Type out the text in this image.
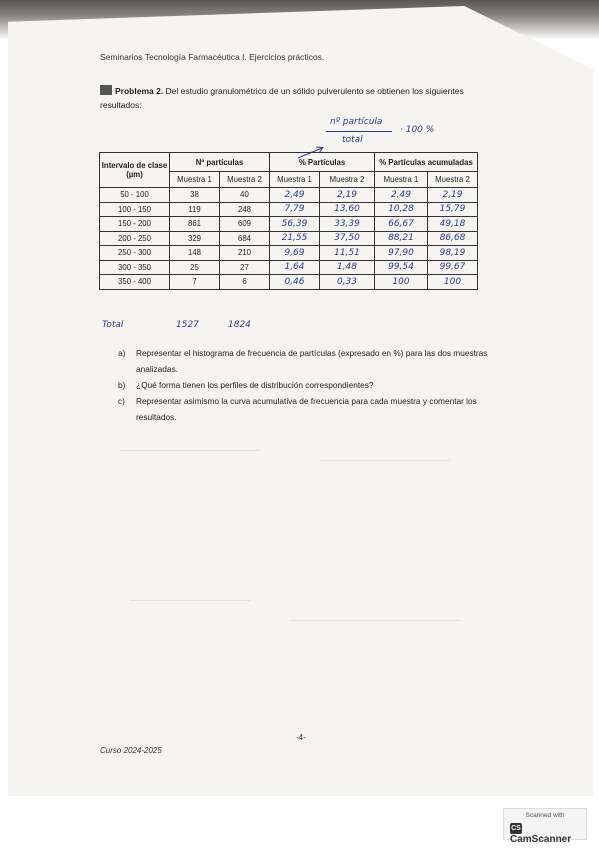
Seminarios Tecnología Farmacéutica I. Ejercicios prácticos.
Problema 2. Del estudio granulométrico de un sólido pulverulento se obtienen los siguientes resultados:
nº partícula
total
· 100 %
Intervalo de clase (µm)	Nº partículas		% Partículas		% Partículas acumuladas	
	Muestra 1	Muestra 2	Muestra 1	Muestra 2	Muestra 1	Muestra 2
50 - 100	38	40	2,49	2,19	2,49	2,19
100 - 150	119	248	7,79	13,60	10,28	15,79
150 - 200	861	609	56,39	33,39	66,67	49,18
200 - 250	329	684	21,55	37,50	88,21	86,68
250 - 300	148	210	9,69	11,51	97,90	98,19
300 - 350	25	27	1,64	1,48	99,54	99,67
350 - 400	7	6	0,46	0,33	100	100
Total	1527	1824
a)	Representar el histograma de frecuencia de partículas (expresado en %) para las dos muestras analizadas.
b)	¿Qué forma tienen los perfiles de distribución correspondientes?
c)	Representar asimismo la curva acumulativa de frecuencia para cada muestra y comentar los resultados.
-4-
Curso 2024-2025
Scanned with
CSCamScanner
